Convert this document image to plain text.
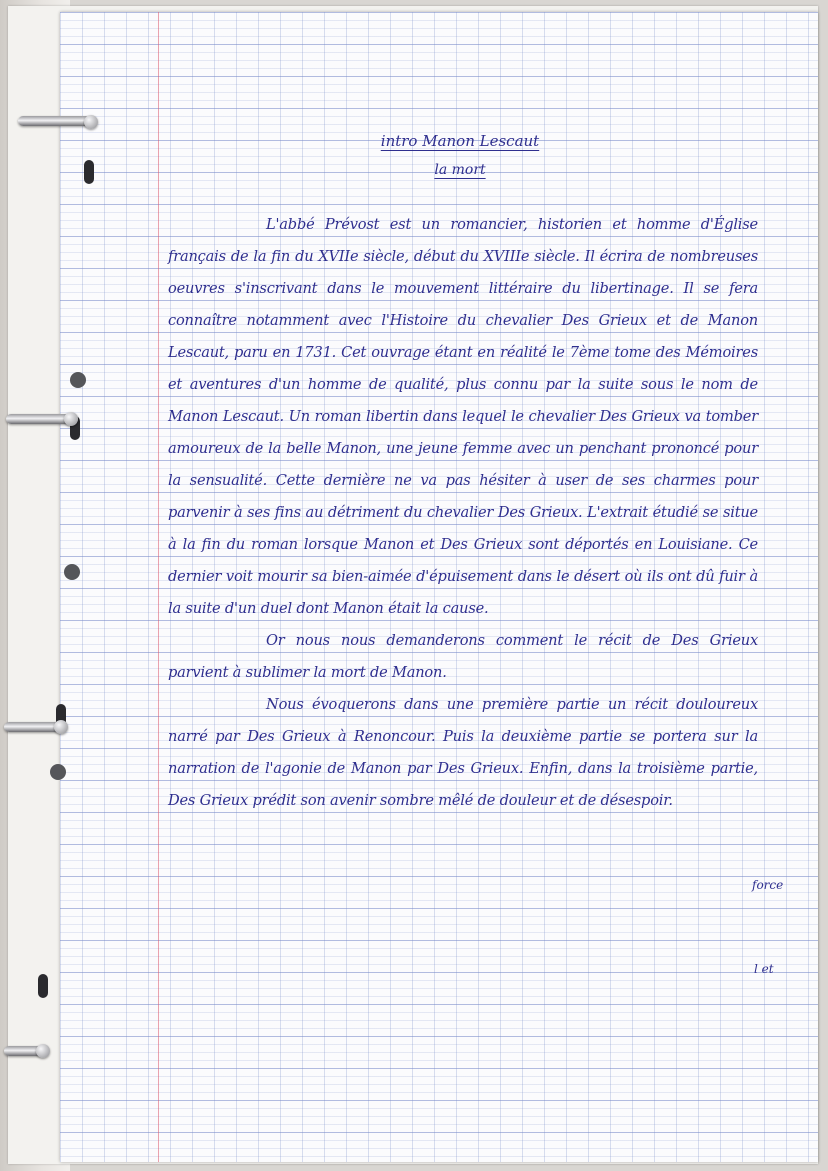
intro Manon Lescaut
la mort

L'abbé Prévost est un romancier, historien et homme d'Église français de la fin du XVIIe siècle, début du XVIIIe siècle. Il écrira de nombreuses oeuvres s'inscrivant dans le mouvement littéraire du libertinage. Il se fera connaître notamment avec l'Histoire du chevalier Des Grieux et de Manon Lescaut, paru en 1731. Cet ouvrage étant en réalité le 7ème tome des Mémoires et aventures d'un homme de qualité, plus connu par la suite sous le nom de Manon Lescaut. Un roman libertin dans lequel le chevalier Des Grieux va tomber amoureux de la belle Manon, une jeune femme avec un penchant prononcé pour la sensualité. Cette dernière ne va pas hésiter à user de ses charmes pour parvenir à ses fins au détriment du chevalier Des Grieux. L'extrait étudié se situe à la fin du roman lorsque Manon et Des Grieux sont déportés en Louisiane. Ce dernier voit mourir sa bien-aimée d'épuisement dans le désert où ils ont dû fuir à la suite d'un duel dont Manon était la cause.

Or nous nous demanderons comment le récit de Des Grieux parvient à sublimer la mort de Manon.

Nous évoquerons dans une première partie un récit douloureux narré par Des Grieux à Renoncour. Puis la deuxième partie se portera sur la narration de l'agonie de Manon par Des Grieux. Enfin, dans la troisième partie, Des Grieux prédit son avenir sombre mêlé de douleur et de désespoir.

force
l et
